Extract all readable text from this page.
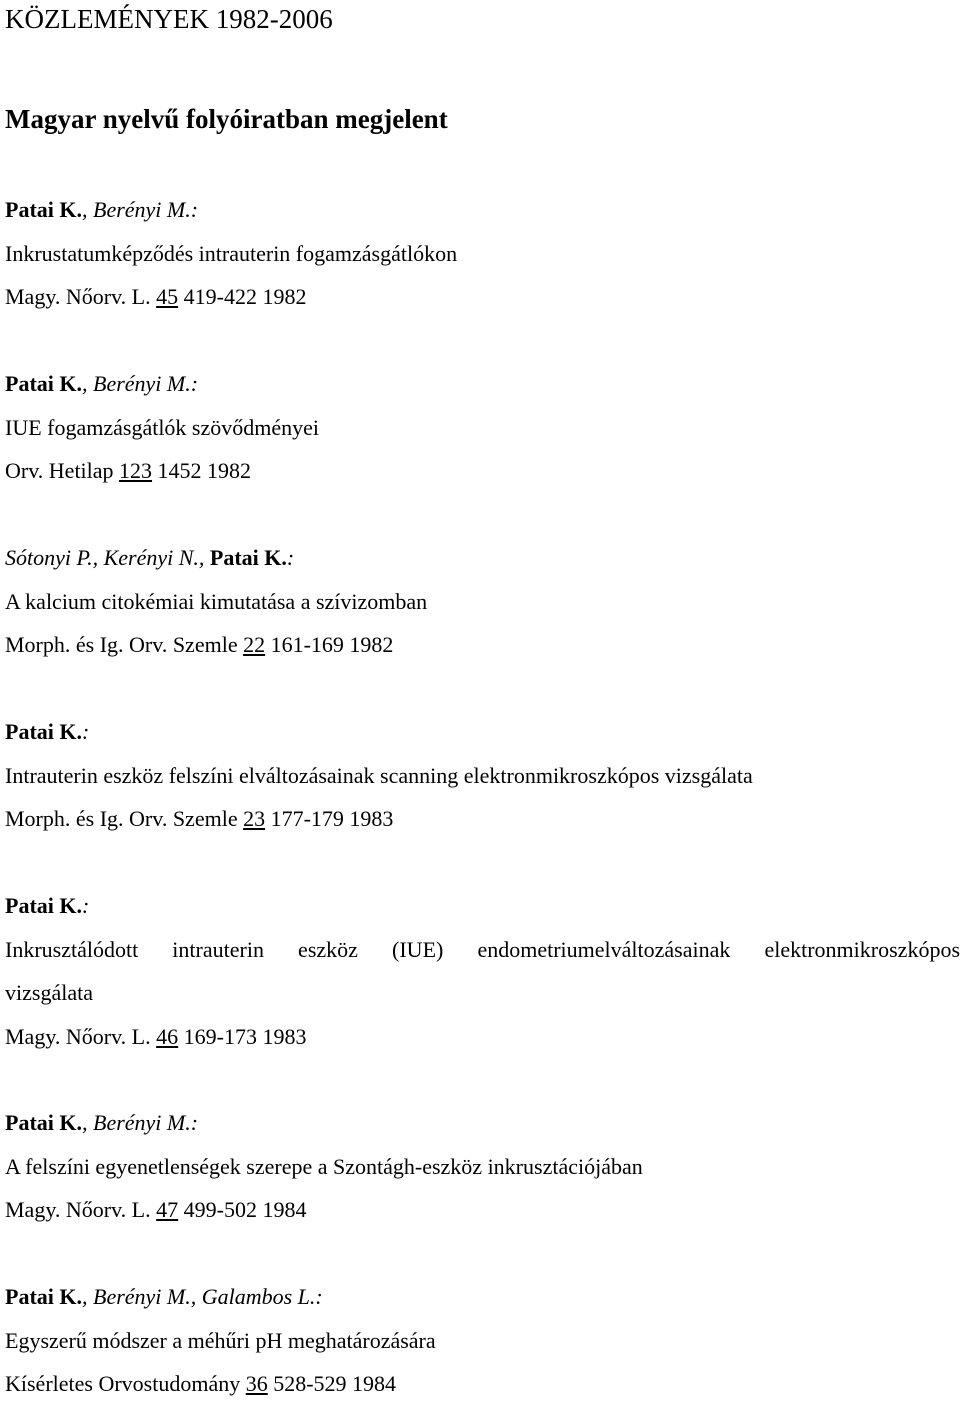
KÖZLEMÉNYEK 1982-2006
Magyar nyelvű folyóiratban megjelent
Patai K., Berényi M.:
Inkrustatumképződés intrauterin fogamzásgátlókon
Magy. Nőorv. L. 45 419-422 1982
Patai K., Berényi M.:
IUE fogamzásgátlók szövődményei
Orv. Hetilap 123 1452 1982
Sótonyi P., Kerényi N., Patai K.:
A kalcium citokémiai kimutatása a szívizomban
Morph. és Ig. Orv. Szemle 22 161-169 1982
Patai K.:
Intrauterin eszköz felszíni elváltozásainak scanning elektronmikroszkópos vizsgálata
Morph. és Ig. Orv. Szemle 23 177-179 1983
Patai K.:
Inkrusztálódott intrauterin eszköz (IUE) endometriumelváltozásainak elektronmikroszkópos
vizsgálata
Magy. Nőorv. L. 46 169-173 1983
Patai K., Berényi M.:
A felszíni egyenetlenségek szerepe a Szontágh-eszköz inkrusztációjában
Magy. Nőorv. L. 47 499-502 1984
Patai K., Berényi M., Galambos L.:
Egyszerű módszer a méhűri pH meghatározására
Kísérletes Orvostudomány 36 528-529 1984
